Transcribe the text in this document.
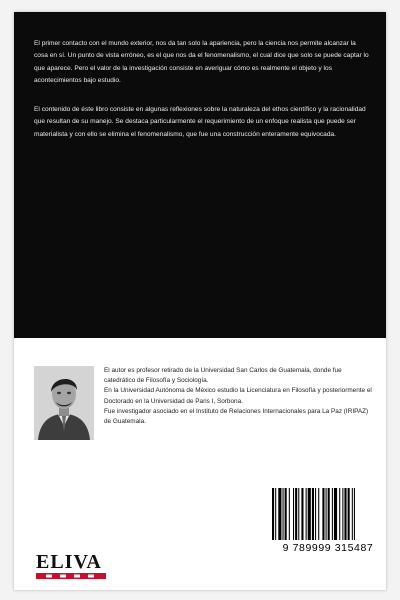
El primer contacto con el mundo exterior, nos da tan solo la apariencia, pero la ciencia nos permite alcanzar la cosa en sí. Un punto de vista erróneo, es el que nos da el fenomenalismo, el cual dice que solo se puede captar lo que aparece. Pero el valor de la investigación consiste en averiguar cómo es realmente el objeto y los acontecimientos bajo estudio.

El contenido de éste libro consiste en algunas reflexiones sobre la naturaleza del ethos científico y la racionalidad que resultan de su manejo. Se destaca particularmente el requerimiento de un enfoque realista que puede ser materialista y con ello se elimina el fenomenalismo, que fue una construcción enteramente equivocada.

El autor es profesor retirado de la Universidad San Carlos de Guatemala, donde fue catedrático de Filosofía y Sociología.
En la Universidad Autónoma de México estudio la Licenciatura en Filosofía y posteriormente el Doctorado en la Universidad de Paris I, Sorbona.
Fue investigador asociado en el Instituto de Relaciones Internacionales para La Paz (IRIPAZ) de Guatemala.
9 789999 315487
ELIVA
